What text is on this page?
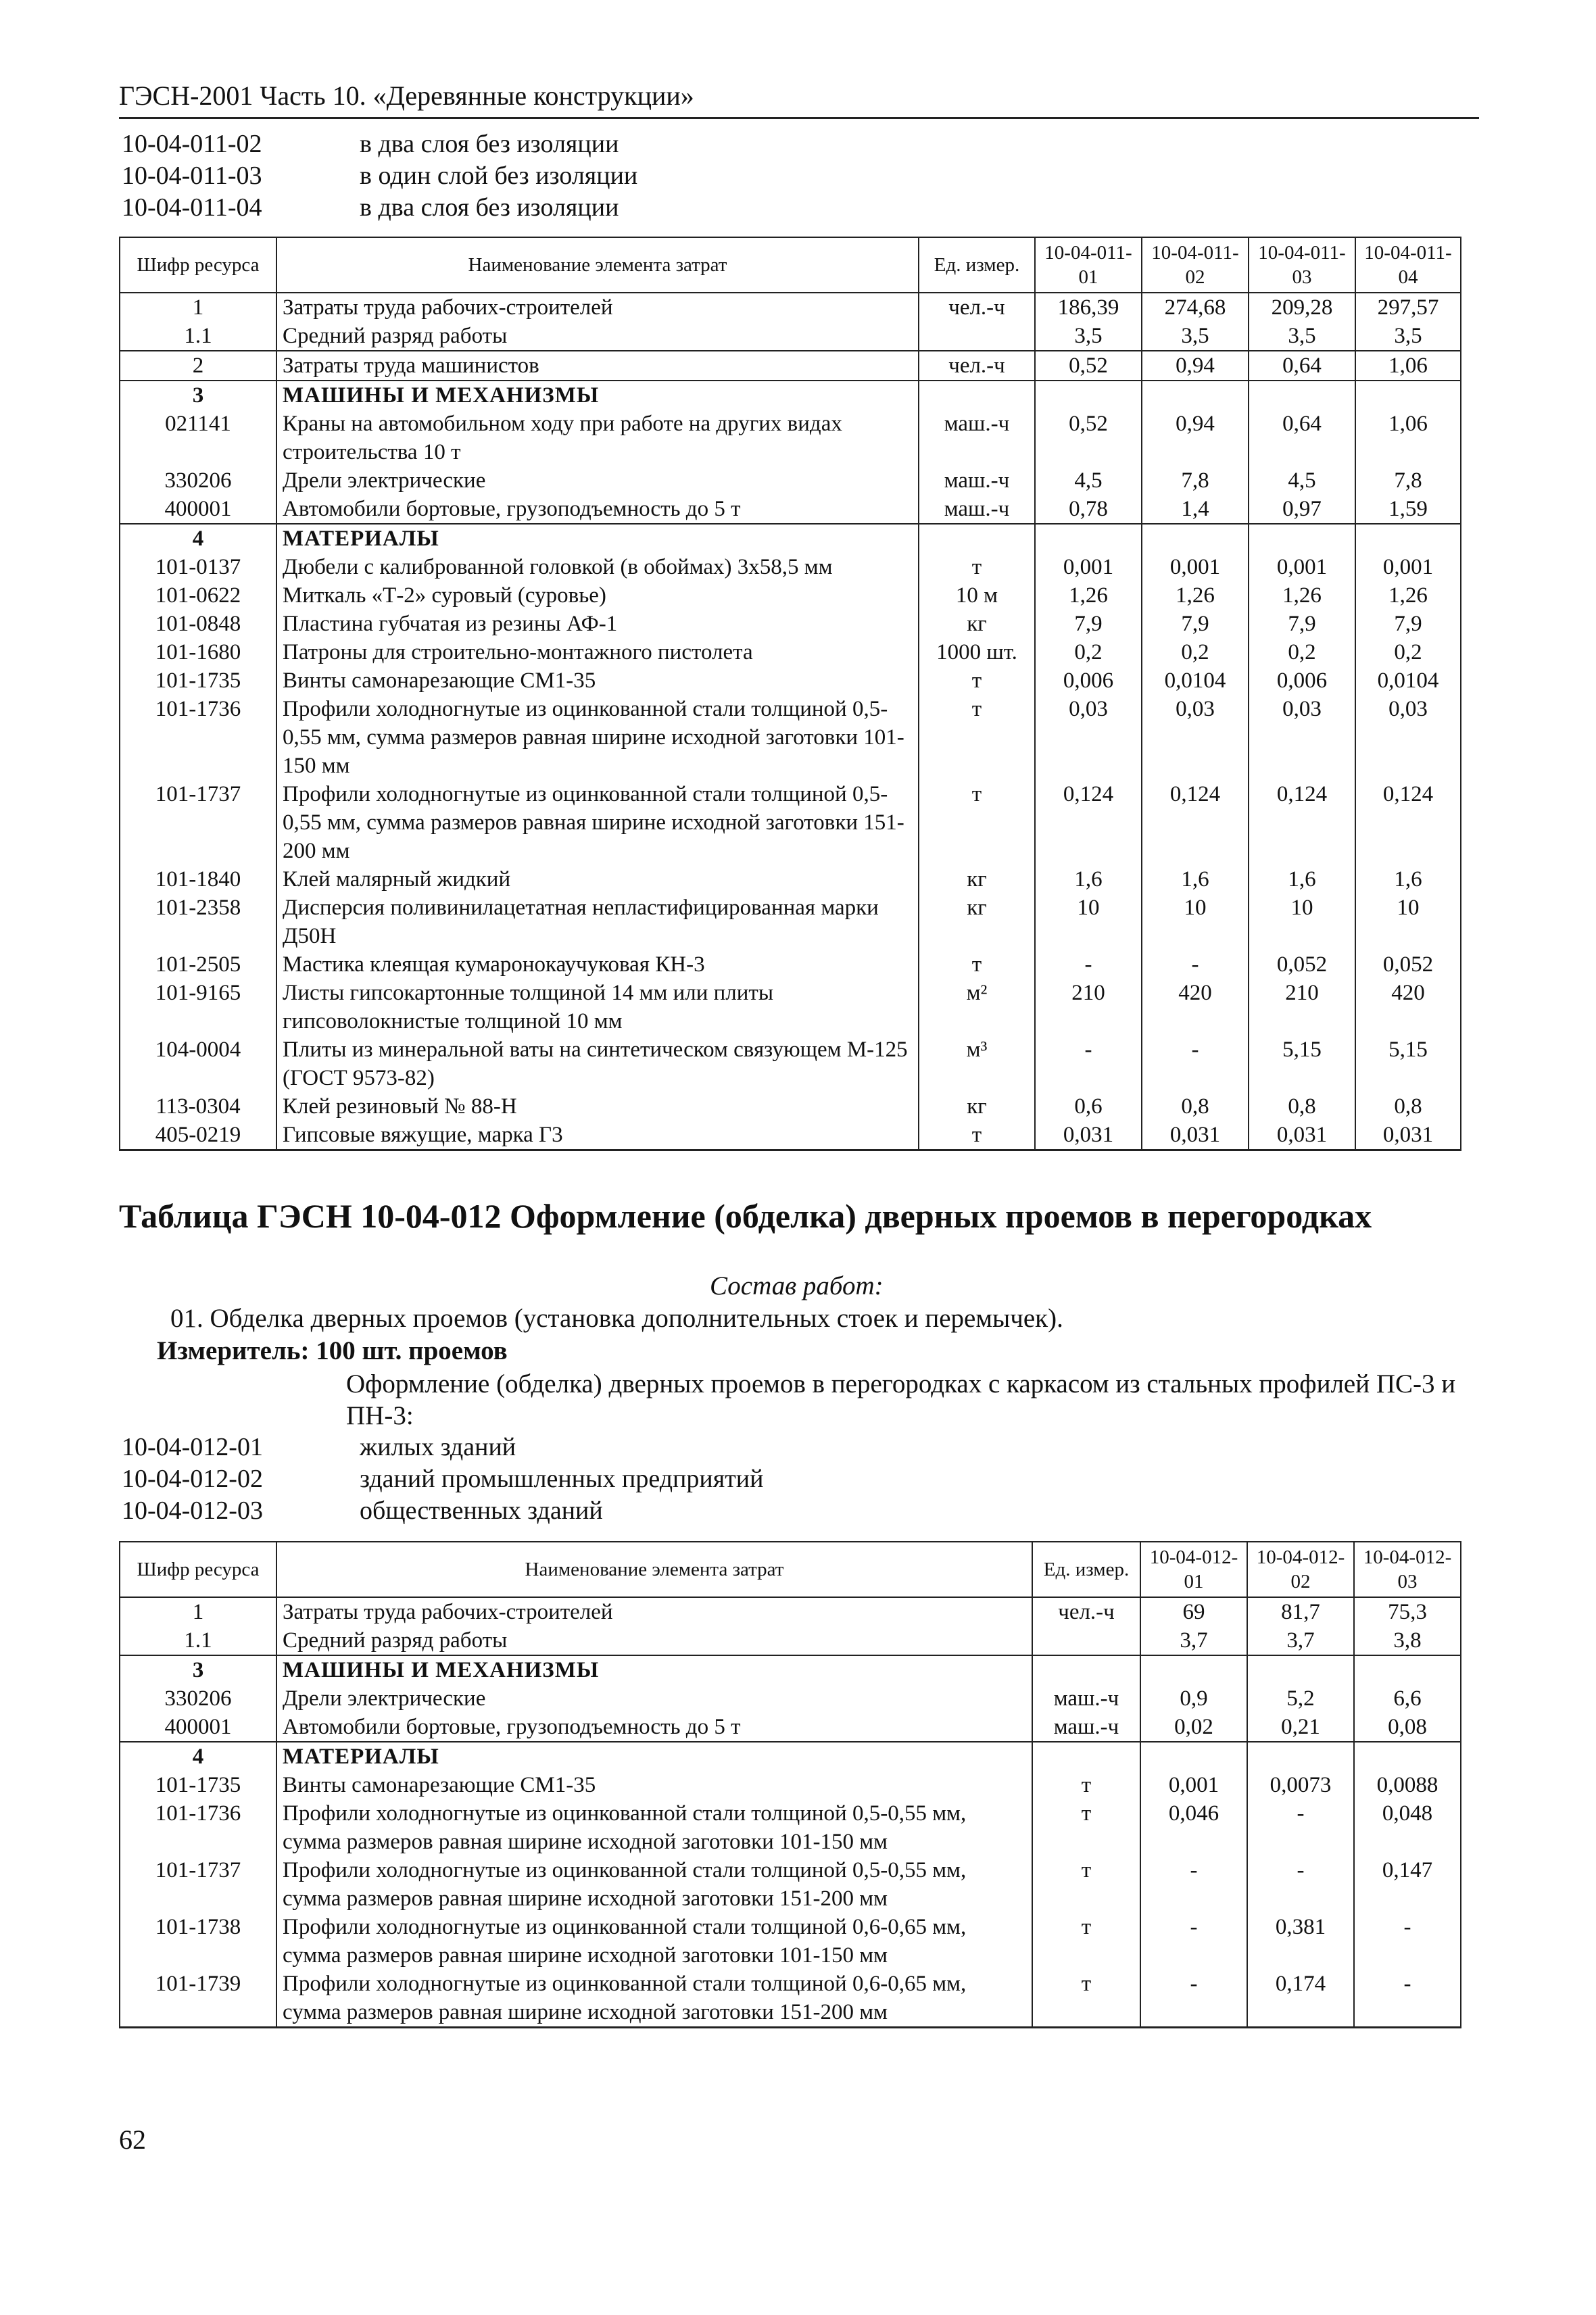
ГЭСН-2001 Часть 10. «Деревянные конструкции»
10-04-011-02	в два слоя без изоляции
10-04-011-03	в один слой без изоляции
10-04-011-04	в два слоя без изоляции
Шифр ресурса	Наименование элемента затрат	Ед. измер.	10-04-011-01	10-04-011-02	10-04-011-03	10-04-011-04
1	Затраты труда рабочих-строителей	чел.-ч	186,39	274,68	209,28	297,57
1.1	Средний разряд работы		3,5	3,5	3,5	3,5
2	Затраты труда машинистов	чел.-ч	0,52	0,94	0,64	1,06
3	МАШИНЫ И МЕХАНИЗМЫ					
021141	Краны на автомобильном ходу при работе на других видах строительства 10 т	маш.-ч	0,52	0,94	0,64	1,06
330206	Дрели электрические	маш.-ч	4,5	7,8	4,5	7,8
400001	Автомобили бортовые, грузоподъемность до 5 т	маш.-ч	0,78	1,4	0,97	1,59
4	МАТЕРИАЛЫ					
101-0137	Дюбели с калиброванной головкой (в обоймах) 3х58,5 мм	т	0,001	0,001	0,001	0,001
101-0622	Миткаль «Т-2» суровый (суровье)	10 м	1,26	1,26	1,26	1,26
101-0848	Пластина губчатая из резины АФ-1	кг	7,9	7,9	7,9	7,9
101-1680	Патроны для строительно-монтажного пистолета	1000 шт.	0,2	0,2	0,2	0,2
101-1735	Винты самонарезающие СМ1-35	т	0,006	0,0104	0,006	0,0104
101-1736	Профили холодногнутые из оцинкованной стали толщиной 0,5-0,55 мм, сумма размеров равная ширине исходной заготовки 101-150 мм	т	0,03	0,03	0,03	0,03
101-1737	Профили холодногнутые из оцинкованной стали толщиной 0,5-0,55 мм, сумма размеров равная ширине исходной заготовки 151-200 мм	т	0,124	0,124	0,124	0,124
101-1840	Клей малярный жидкий	кг	1,6	1,6	1,6	1,6
101-2358	Дисперсия поливинилацетатная непластифицированная марки Д50Н	кг	10	10	10	10
101-2505	Мастика клеящая кумаронокаучуковая КН-3	т	-	-	0,052	0,052
101-9165	Листы гипсокартонные толщиной 14 мм или плиты гипсоволокнистые толщиной 10 мм	м²	210	420	210	420
104-0004	Плиты из минеральной ваты на синтетическом связующем М-125 (ГОСТ 9573-82)	м³	-	-	5,15	5,15
113-0304	Клей резиновый № 88-Н	кг	0,6	0,8	0,8	0,8
405-0219	Гипсовые вяжущие, марка Г3	т	0,031	0,031	0,031	0,031
Таблица ГЭСН 10-04-012 Оформление (обделка) дверных проемов в перегородках
Состав работ:
01. Обделка дверных проемов (установка дополнительных стоек и перемычек).
Измеритель: 100 шт. проемов
Оформление (обделка) дверных проемов в перегородках с каркасом из стальных профилей ПС-3 и ПН-3:
10-04-012-01	жилых зданий
10-04-012-02	зданий промышленных предприятий
10-04-012-03	общественных зданий
Шифр ресурса	Наименование элемента затрат	Ед. измер.	10-04-012-01	10-04-012-02	10-04-012-03
1	Затраты труда рабочих-строителей	чел.-ч	69	81,7	75,3
1.1	Средний разряд работы		3,7	3,7	3,8
3	МАШИНЫ И МЕХАНИЗМЫ				
330206	Дрели электрические	маш.-ч	0,9	5,2	6,6
400001	Автомобили бортовые, грузоподъемность до 5 т	маш.-ч	0,02	0,21	0,08
4	МАТЕРИАЛЫ				
101-1735	Винты самонарезающие СМ1-35	т	0,001	0,0073	0,0088
101-1736	Профили холодногнутые из оцинкованной стали толщиной 0,5-0,55 мм, сумма размеров равная ширине исходной заготовки 101-150 мм	т	0,046	-	0,048
101-1737	Профили холодногнутые из оцинкованной стали толщиной 0,5-0,55 мм, сумма размеров равная ширине исходной заготовки 151-200 мм	т	-	-	0,147
101-1738	Профили холодногнутые из оцинкованной стали толщиной 0,6-0,65 мм, сумма размеров равная ширине исходной заготовки 101-150 мм	т	-	0,381	-
101-1739	Профили холодногнутые из оцинкованной стали толщиной 0,6-0,65 мм, сумма размеров равная ширине исходной заготовки 151-200 мм	т	-	0,174	-
62
